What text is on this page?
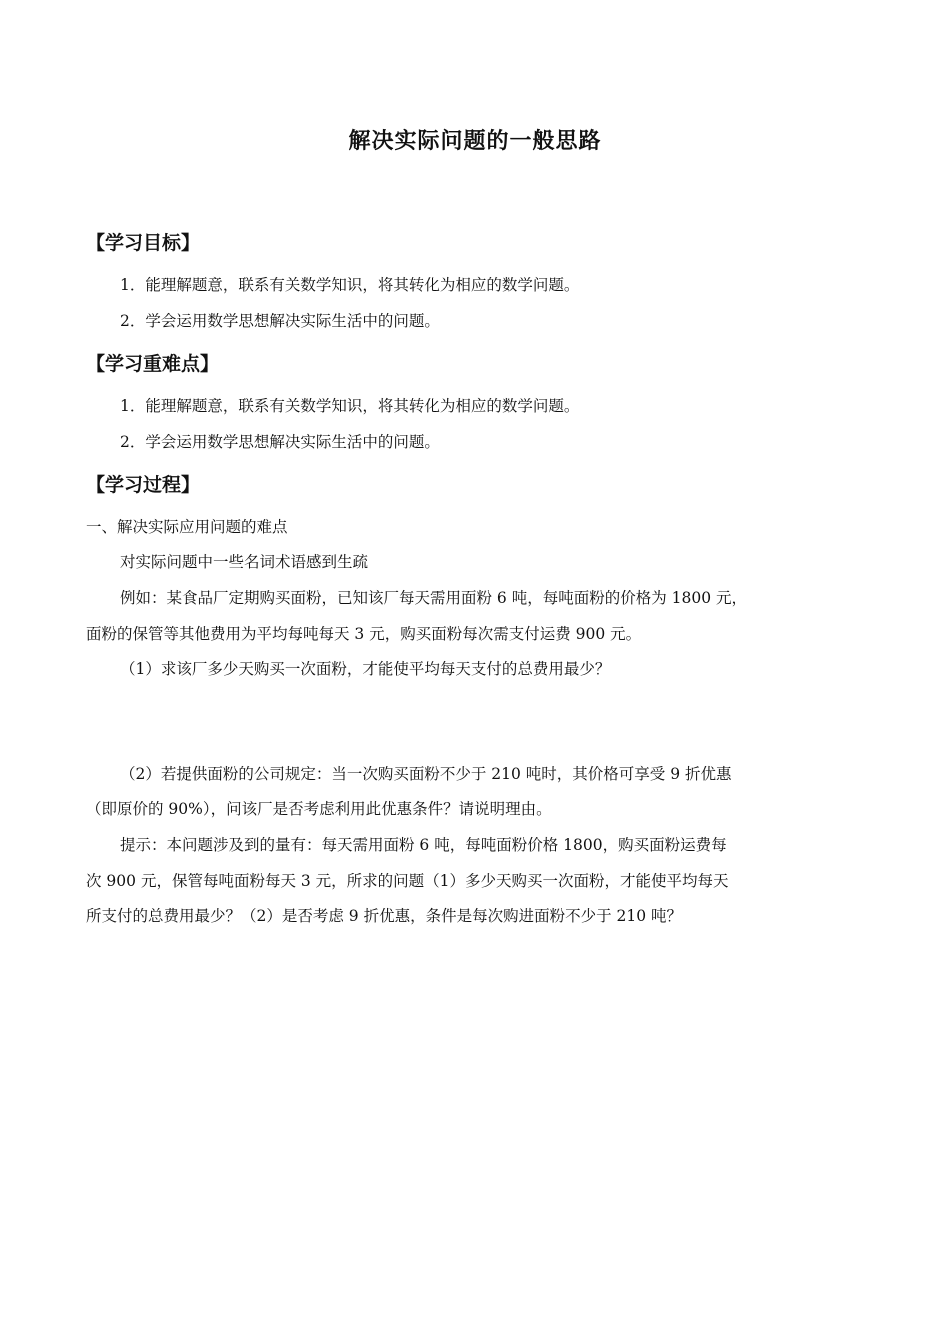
解决实际问题的一般思路
【学习目标】
1．能理解题意，联系有关数学知识，将其转化为相应的数学问题。
2．学会运用数学思想解决实际生活中的问题。
【学习重难点】
1．能理解题意，联系有关数学知识，将其转化为相应的数学问题。
2．学会运用数学思想解决实际生活中的问题。
【学习过程】
一、解决实际应用问题的难点
对实际问题中一些名词术语感到生疏
例如：某食品厂定期购买面粉，已知该厂每天需用面粉 6 吨，每吨面粉的价格为 1800 元，
面粉的保管等其他费用为平均每吨每天 3 元，购买面粉每次需支付运费 900 元。
（1）求该厂多少天购买一次面粉，才能使平均每天支付的总费用最少？
（2）若提供面粉的公司规定：当一次购买面粉不少于 210 吨时，其价格可享受 9 折优惠
（即原价的 90%），问该厂是否考虑利用此优惠条件？请说明理由。
提示：本问题涉及到的量有：每天需用面粉 6 吨，每吨面粉价格 1800，购买面粉运费每
次 900 元，保管每吨面粉每天 3 元，所求的问题（1）多少天购买一次面粉，才能使平均每天
所支付的总费用最少？（2）是否考虑 9 折优惠，条件是每次购进面粉不少于 210 吨？
